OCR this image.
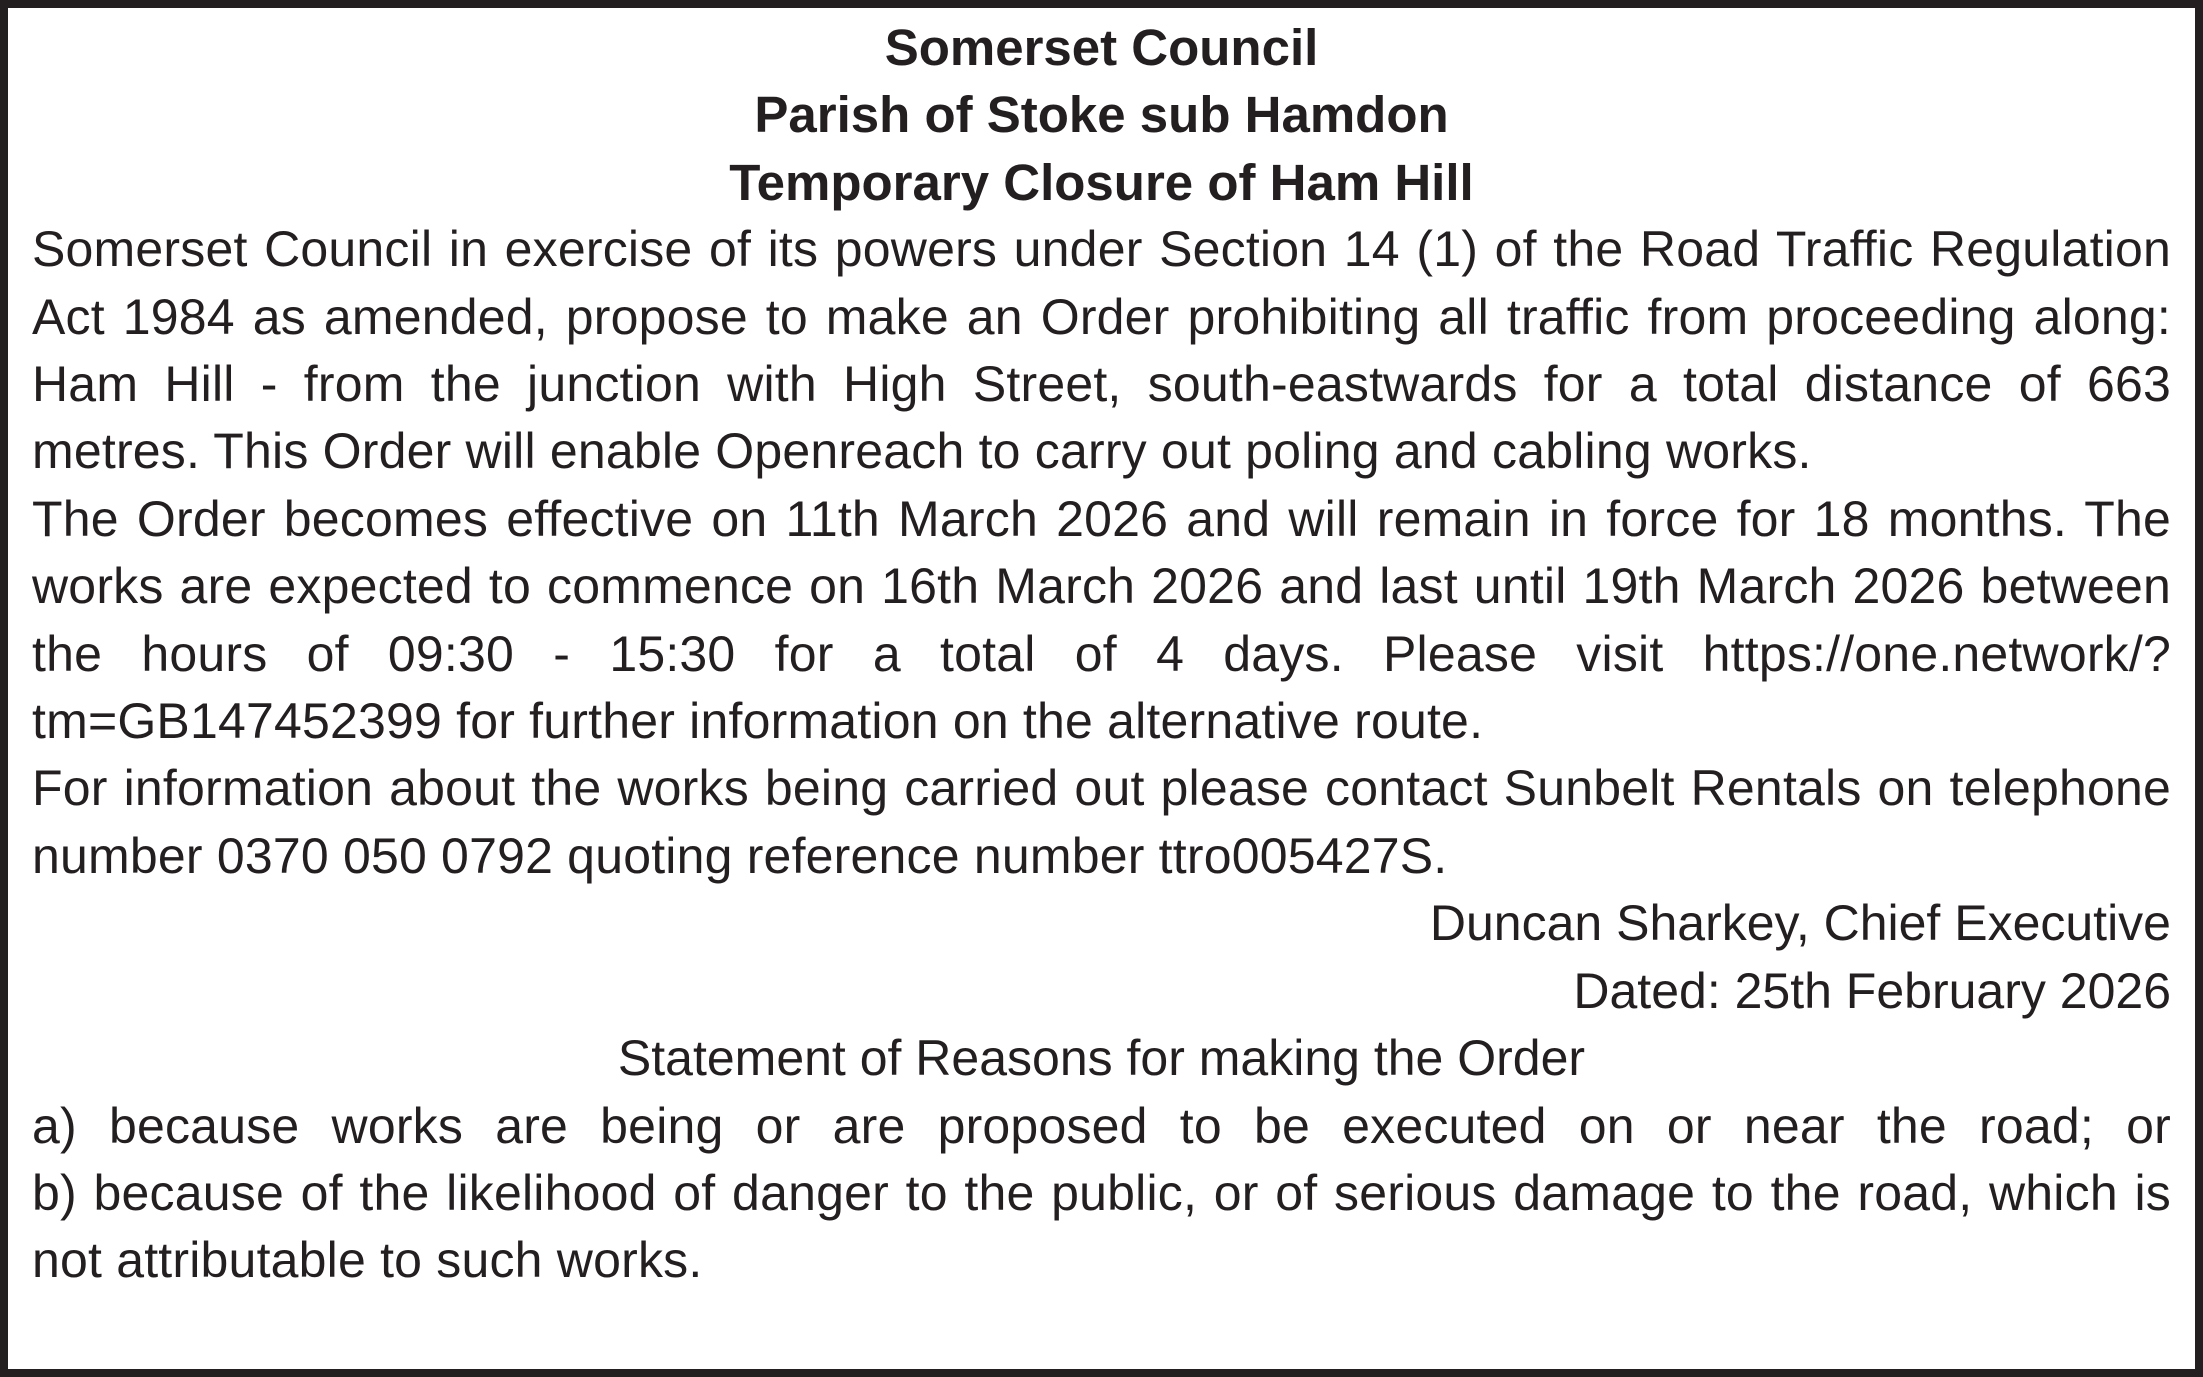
Somerset Council

Parish of Stoke sub Hamdon

Temporary Closure of Ham Hill

Somerset Council in exercise of its powers under Section 14 (1) of the Road Traffic Regulation Act 1984 as amended, propose to make an Order prohibiting all traffic from proceeding along: Ham Hill - from the junction with High Street, south-eastwards for a total distance of 663 metres. This Order will enable Openreach to carry out poling and cabling works.

The Order becomes effective on 11th March 2026 and will remain in force for 18 months. The works are expected to commence on 16th March 2026 and last until 19th March 2026 between the hours of 09:30 - 15:30 for a total of 4 days. Please visit https://one.network/?tm=GB147452399 for further information on the alternative route.

For information about the works being carried out please contact Sunbelt Rentals on telephone number 0370 050 0792 quoting reference number ttro005427S.

Duncan Sharkey, Chief Executive

Dated: 25th February 2026

Statement of Reasons for making the Order

a) because works are being or are proposed to be executed on or near the road; or

b) because of the likelihood of danger to the public, or of serious damage to the road, which is not attributable to such works.
